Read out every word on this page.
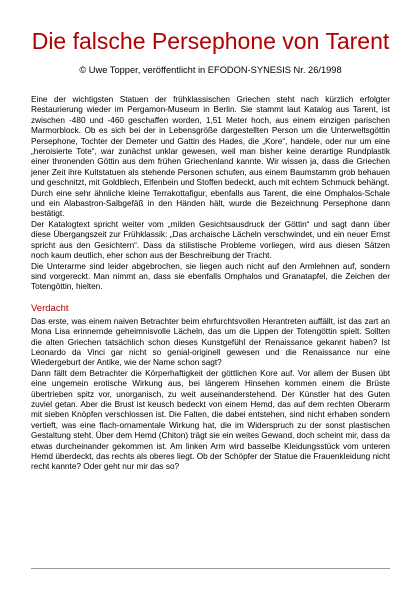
Die falsche Persephone von Tarent

© Uwe Topper, veröffentlicht in EFODON-SYNESIS Nr. 26/1998

Eine der wichtigsten Statuen der frühklassischen Griechen steht nach kürzlich erfolgter Restaurierung wieder im Pergamon-Museum in Berlin. Sie stammt laut Katalog aus Tarent, ist zwischen -480 und -460 geschaffen worden, 1,51 Meter hoch, aus einem einzigen parischen Marmorblock. Ob es sich bei der in Lebensgröße dargestellten Person um die Unterweltsgöttin Persephone, Tochter der Demeter und Gattin des Hades, die „Kore“, handele, oder nur um eine „heroisierte Tote“, war zunächst unklar gewesen, weil man bisher keine derartige Rundplastik einer thronenden Göttin aus dem frühen Griechenland kannte. Wir wissen ja, dass die Griechen jener Zeit ihre Kultstatuen als stehende Personen schufen, aus einem Baumstamm grob behauen und geschnitzt, mit Goldblech, Elfenbein und Stoffen bedeckt, auch mit echtem Schmuck behängt.

Durch eine sehr ähnliche kleine Terrakottafigur, ebenfalls aus Tarent, die eine Omphalos-Schale und ein Alabastron-Salbgefäß in den Händen hält, wurde die Bezeichnung Persephone dann bestätigt.

Der Katalogtext spricht weiter vom „milden Gesichtsausdruck der Göttin“ und sagt dann über diese Übergangszeit zur Frühklassik: „Das archaische Lächeln verschwindet, und ein neuer Ernst spricht aus den Gesichtern“. Dass da stilistische Probleme vorliegen, wird aus diesen Sätzen noch kaum deutlich, eher schon aus der Beschreibung der Tracht.

Die Unterarme sind leider abgebrochen, sie liegen auch nicht auf den Armlehnen auf, sondern sind vorgereckt. Man nimmt an, dass sie ebenfalls Omphalos und Granatapfel, die Zeichen der Totengöttin, hielten.

Verdacht

Das erste, was einem naiven Betrachter beim ehrfurchtsvollen Herantreten auffällt, ist das zart an Mona Lisa erinnernde geheimnisvolle Lächeln, das um die Lippen der Totengöttin spielt. Sollten die alten Griechen tatsächlich schon dieses Kunstgefühl der Renaissance gekannt haben? Ist Leonardo da Vinci gar nicht so genial-originell gewesen und die Renaissance nur eine Wiedergeburt der Antike, wie der Name schon sagt?

Dann fällt dem Betrachter die Körperhaftigkeit der göttlichen Kore auf. Vor allem der Busen übt eine ungemein erotische Wirkung aus, bei längerem Hinsehen kommen einem die Brüste übertrieben spitz vor, unorganisch, zu weit auseinanderstehend. Der Künstler hat des Guten zuviel getan. Aber die Brust ist keusch bedeckt von einem Hemd, das auf dem rechten Oberarm mit sieben Knöpfen verschlossen ist. Die Falten, die dabei entstehen, sind nicht erhaben sondern vertieft, was eine flach-ornamentale Wirkung hat, die im Widerspruch zu der sonst plastischen Gestaltung steht. Über dem Hemd (Chiton) trägt sie ein weites Gewand, doch scheint mir, dass da etwas durcheinander gekommen ist. Am linken Arm wird basselbe Kleidungsstück vom unteren Hemd überdeckt, das rechts als oberes liegt. Ob der Schöpfer der Statue die Frauenkleidung nicht recht kannte? Oder geht nur mir das so?
